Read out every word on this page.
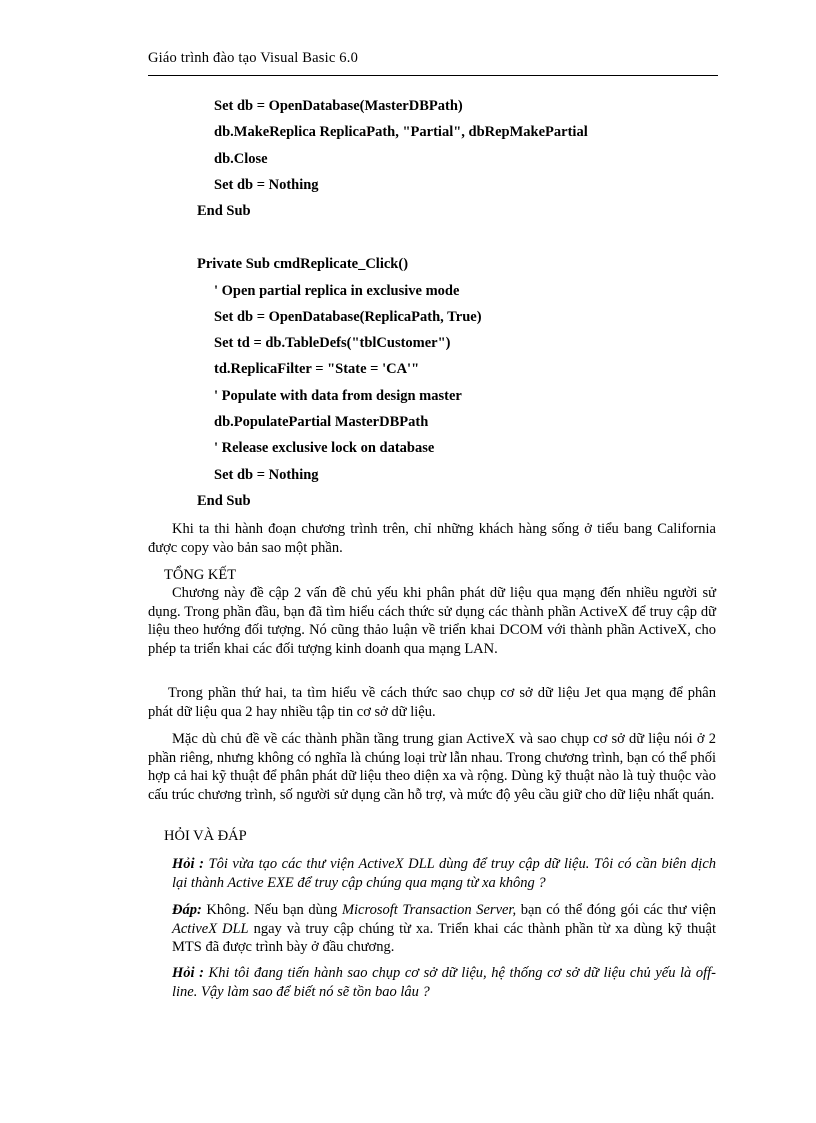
Giáo trình đào tạo Visual Basic 6.0
Set db = OpenDatabase(MasterDBPath)
db.MakeReplica ReplicaPath, "Partial", dbRepMakePartial
db.Close
Set db = Nothing
End Sub
Private Sub cmdReplicate_Click()
' Open partial replica in exclusive mode
Set db = OpenDatabase(ReplicaPath, True)
Set td = db.TableDefs("tblCustomer")
td.ReplicaFilter = "State = 'CA'"
' Populate with data from design master
db.PopulatePartial MasterDBPath
' Release exclusive lock on database
Set db = Nothing
End Sub
Khi ta thi hành đoạn chương trình trên, chỉ những khách hàng sống ở tiểu bang California được copy vào bản sao một phần.
TỔNG KẾT
Chương này đề cập 2 vấn đề chủ yếu khi phân phát dữ liệu qua mạng đến nhiều người sử dụng. Trong phần đầu, bạn đã tìm hiểu cách thức sử dụng các thành phần ActiveX để truy cập dữ liệu theo hướng đối tượng. Nó cũng thảo luận về triển khai DCOM với thành phần ActiveX, cho phép ta triển khai các đối tượng kinh doanh qua mạng LAN.
Trong phần thứ hai, ta tìm hiểu về cách thức sao chụp cơ sở dữ liệu Jet qua mạng để phân phát dữ liệu qua 2 hay nhiều tập tin cơ sở dữ liệu.
Mặc dù chủ đề về các thành phần tầng trung gian ActiveX và sao chụp cơ sở dữ liệu nói ở 2 phần riêng, nhưng không có nghĩa là chúng loại trừ lẫn nhau. Trong chương trình, bạn có thể phối hợp cả hai kỹ thuật để phân phát dữ liệu theo diện xa và rộng. Dùng kỹ thuật nào là tuỳ thuộc vào cấu trúc chương trình, số người sử dụng cần hỗ trợ, và mức độ yêu cầu giữ cho dữ liệu nhất quán.
HỎI VÀ ĐÁP
Hỏi : Tôi vừa tạo các thư viện ActiveX DLL dùng để truy cập dữ liệu. Tôi có cần biên dịch lại thành Active EXE để truy cập chúng qua mạng từ xa không ?
Đáp: Không. Nếu bạn dùng Microsoft Transaction Server, bạn có thể đóng gói các thư viện ActiveX DLL ngay và truy cập chúng từ xa. Triển khai các thành phần từ xa dùng kỹ thuật MTS đã được trình bày ở đầu chương.
Hỏi : Khi tôi đang tiến hành sao chụp cơ sở dữ liệu, hệ thống cơ sở dữ liệu chủ yếu là off-line. Vậy làm sao để biết nó sẽ tồn bao lâu ?
